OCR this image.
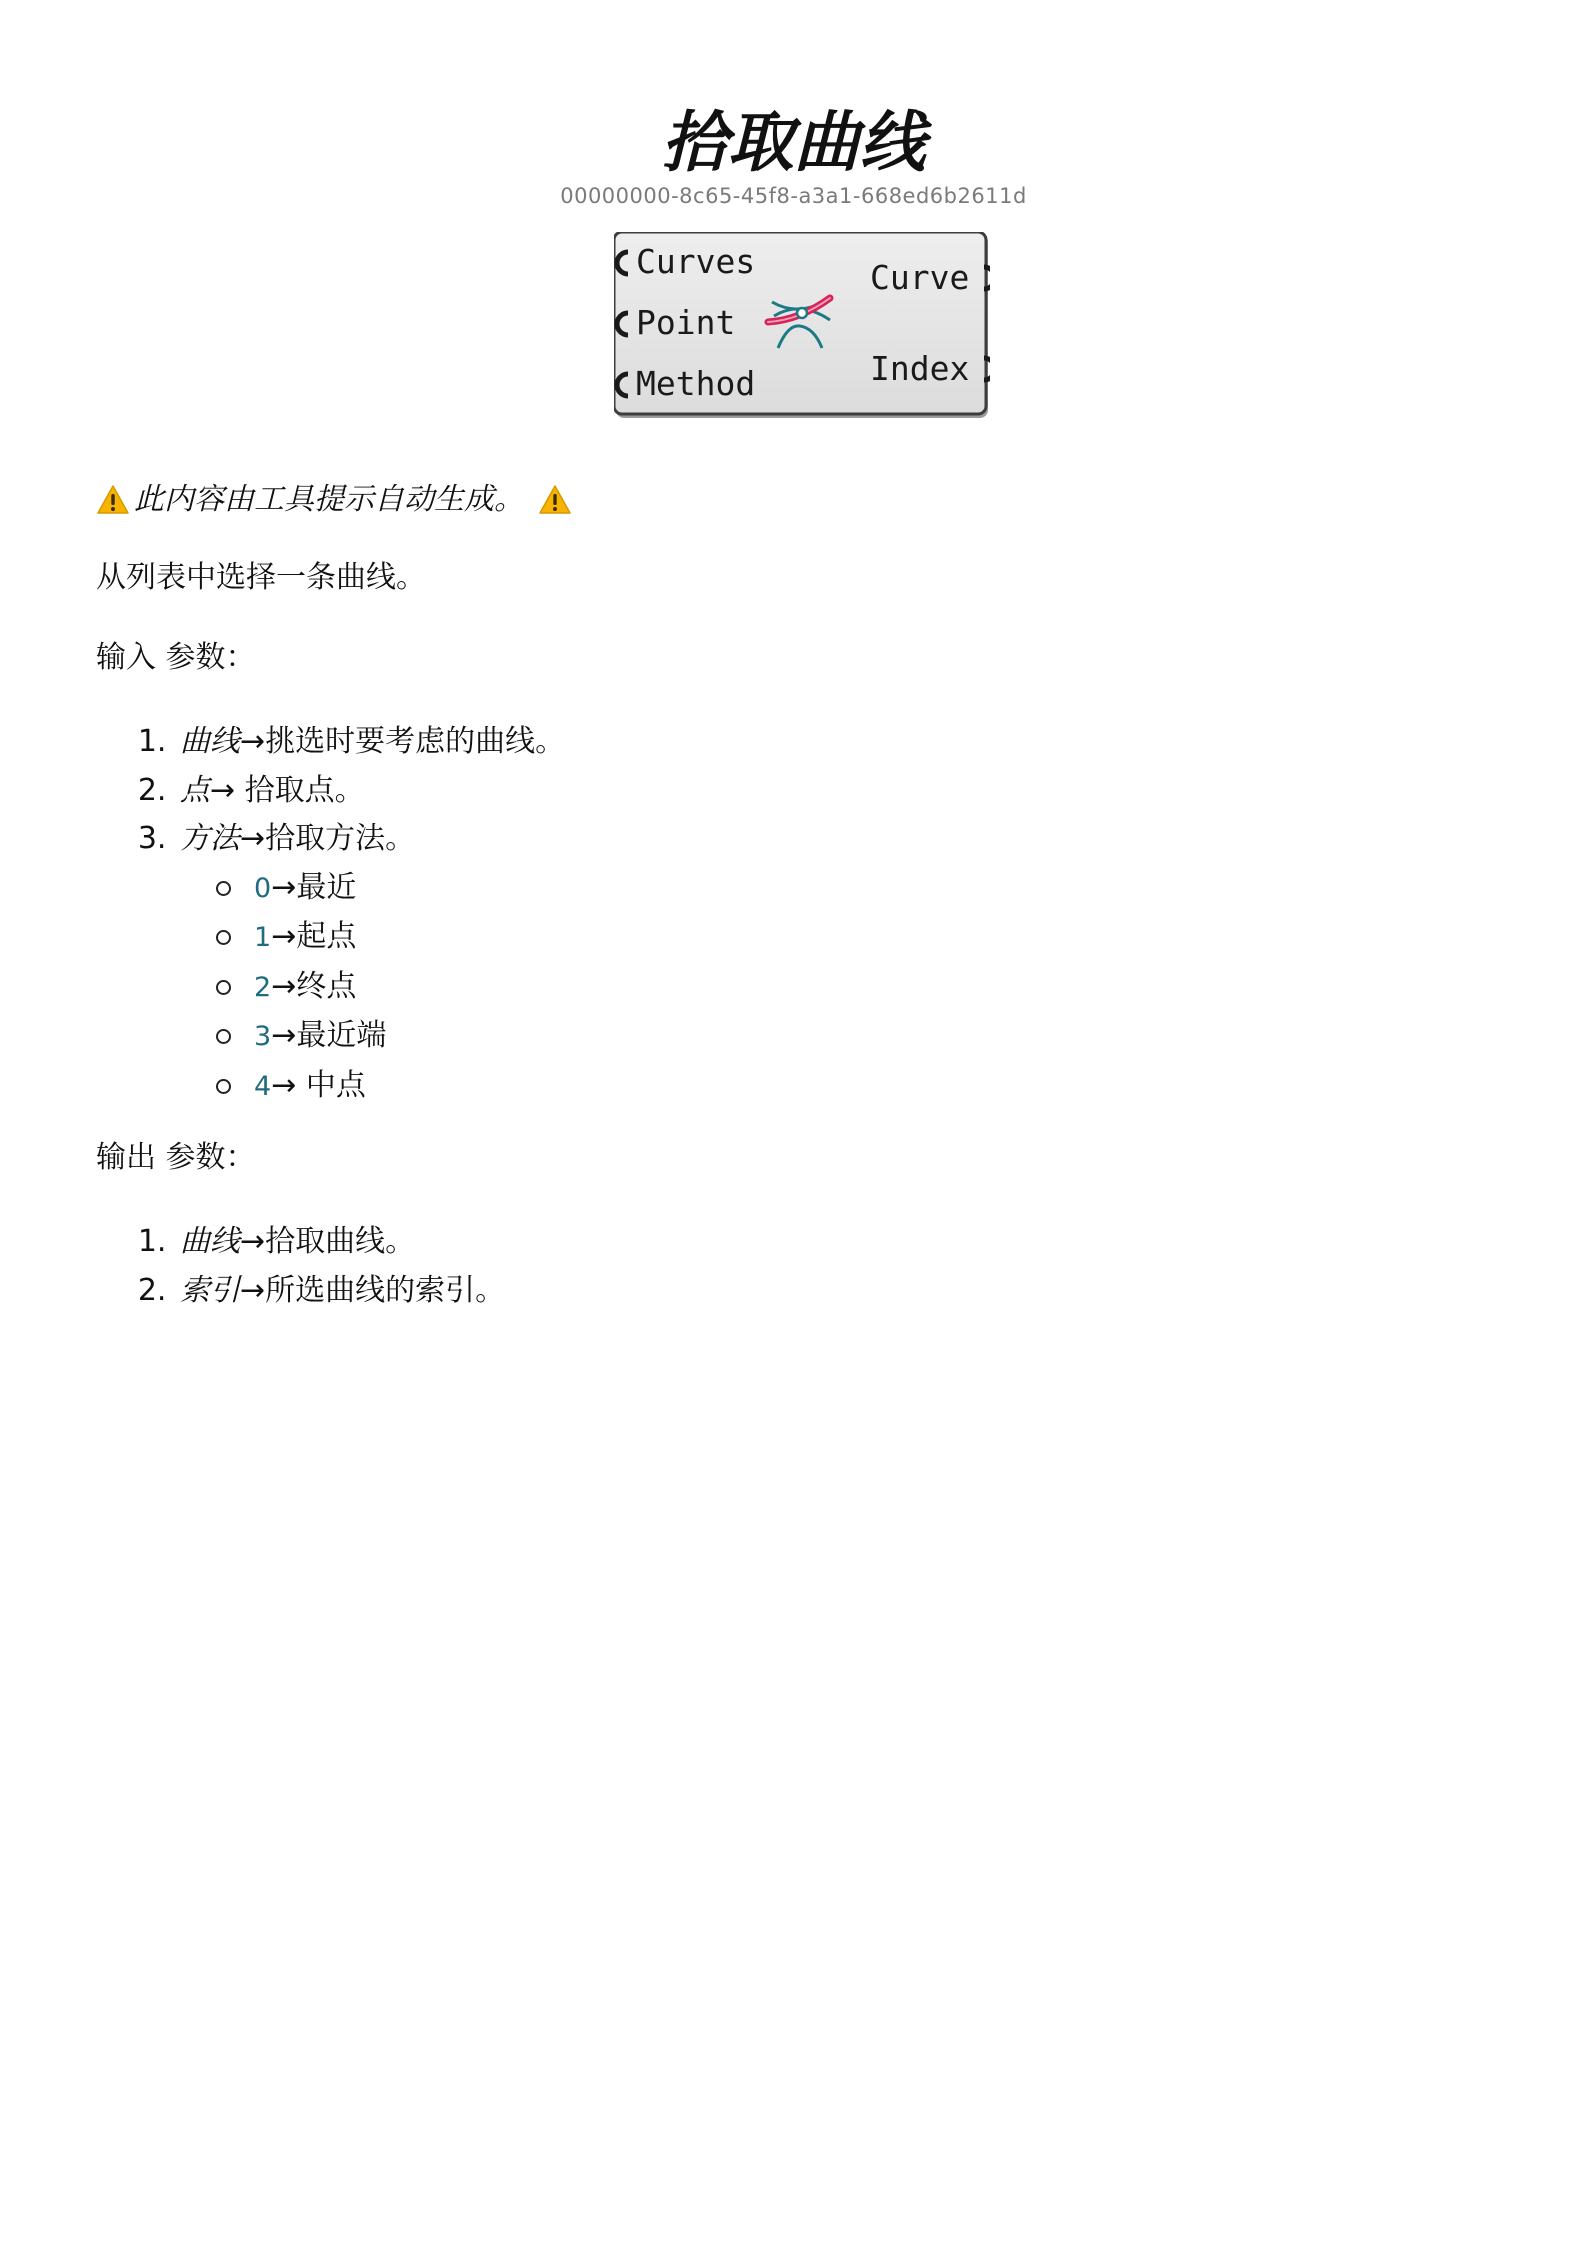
拾取曲线
00000000-8c65-45f8-a3a1-668ed6b2611d
Curves
Point
Method
Curve
Index
此内容由工具提示自动生成。
从列表中选择一条曲线。
输入 参数：
1. 曲线→挑选时要考虑的曲线。
2. 点→ 拾取点。
3. 方法→拾取方法。
0→最近
1→起点
2→终点
3→最近端
4→ 中点
输出 参数：
1. 曲线→拾取曲线。
2. 索引→所选曲线的索引。
